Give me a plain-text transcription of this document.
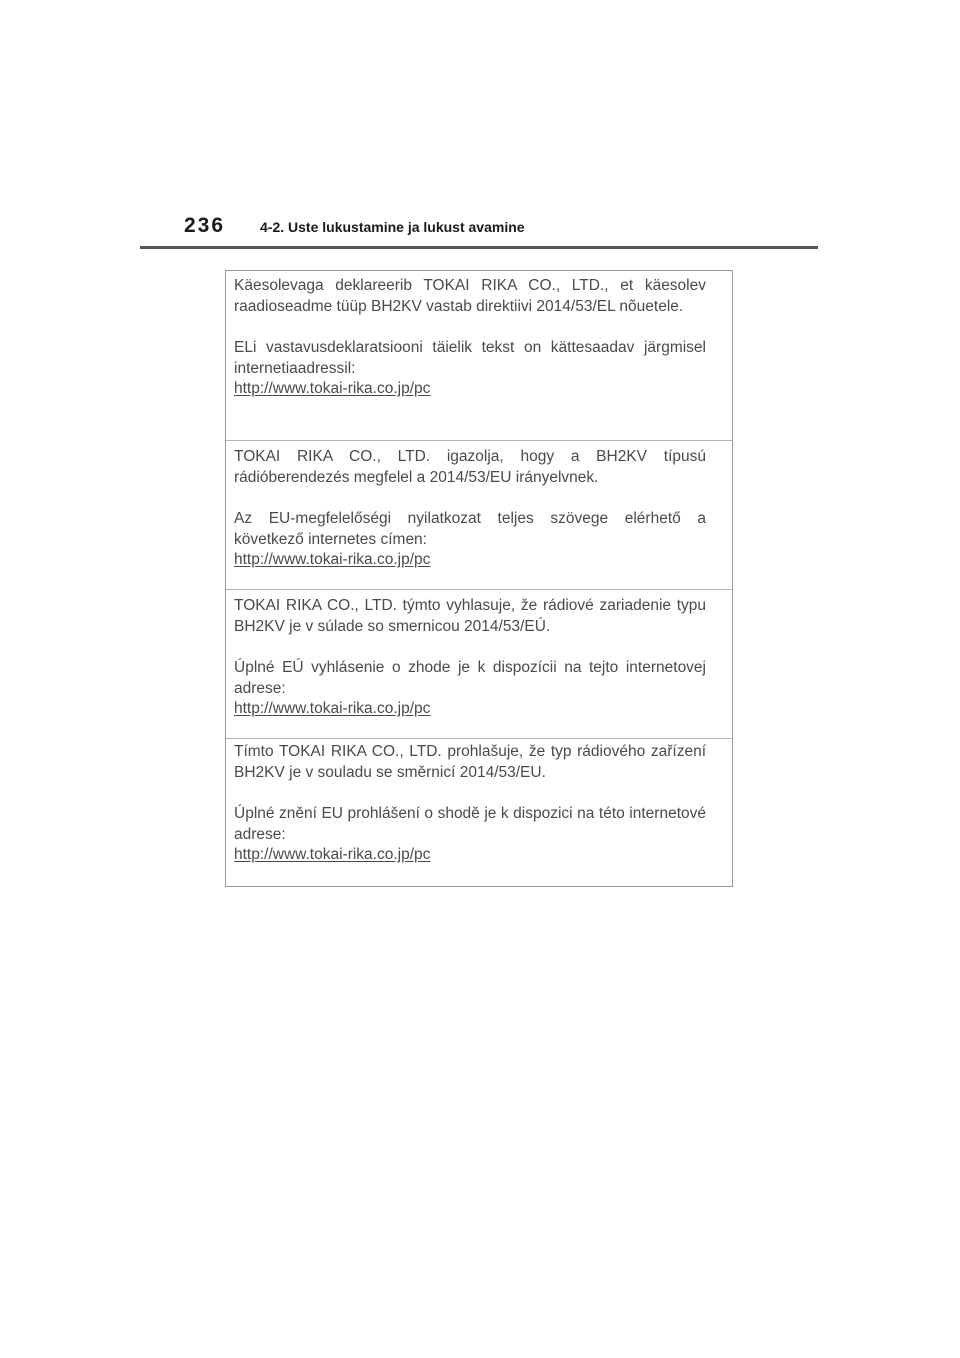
236 4-2. Uste lukustamine ja lukust avamine

Käesolevaga deklareerib TOKAI RIKA CO., LTD., et käesolev raadioseadme tüüp BH2KV vastab direktiivi 2014/53/EL nõuetele.

ELi vastavusdeklaratsiooni täielik tekst on kättesaadav järgmisel internetiaadressil:

http://www.tokai-rika.co.jp/pc

TOKAI RIKA CO., LTD. igazolja, hogy a BH2KV típusú rádióberendezés megfelel a 2014/53/EU irányelvnek.

Az EU-megfelelőségi nyilatkozat teljes szövege elérhető a következő internetes címen:

http://www.tokai-rika.co.jp/pc

TOKAI RIKA CO., LTD. týmto vyhlasuje, že rádiové zariadenie typu BH2KV je v súlade so smernicou 2014/53/EÚ.

Úplné EÚ vyhlásenie o zhode je k dispozícii na tejto internetovej adrese:

http://www.tokai-rika.co.jp/pc

Tímto TOKAI RIKA CO., LTD. prohlašuje, že typ rádiového zařízení BH2KV je v souladu se směrnicí 2014/53/EU.

Úplné znění EU prohlášení o shodě je k dispozici na této internetové adrese:

http://www.tokai-rika.co.jp/pc
